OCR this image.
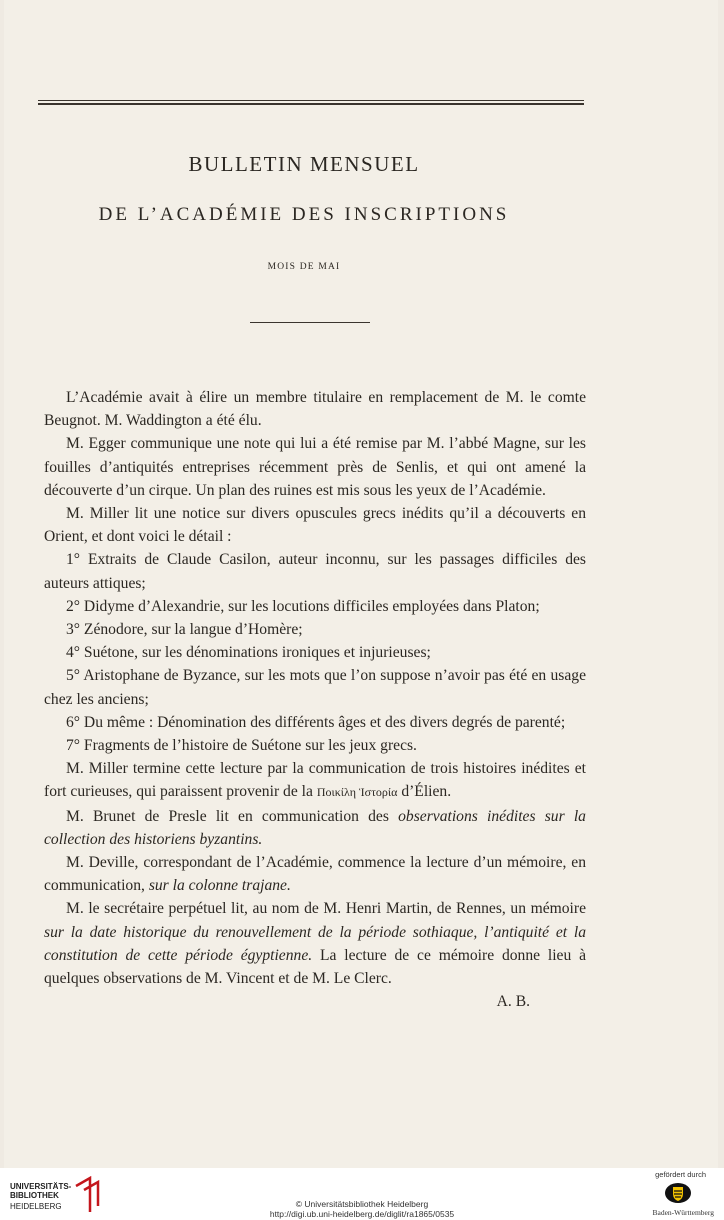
BULLETIN MENSUEL
DE L’ACADÉMIE DES INSCRIPTIONS
MOIS DE MAI

L’Académie avait à élire un membre titulaire en remplacement de M. le comte Beugnot. M. Waddington a été élu.

M. Egger communique une note qui lui a été remise par M. l’abbé Magne, sur les fouilles d’antiquités entreprises récemment près de Senlis, et qui ont amené la découverte d’un cirque. Un plan des ruines est mis sous les yeux de l’Académie.

M. Miller lit une notice sur divers opuscules grecs inédits qu’il a découverts en Orient, et dont voici le détail :

1° Extraits de Claude Casilon, auteur inconnu, sur les passages difficiles des auteurs attiques;

2° Didyme d’Alexandrie, sur les locutions difficiles employées dans Platon;

3° Zénodore, sur la langue d’Homère;

4° Suétone, sur les dénominations ironiques et injurieuses;

5° Aristophane de Byzance, sur les mots que l’on suppose n’avoir pas été en usage chez les anciens;

6° Du même : Dénomination des différents âges et des divers degrés de parenté;

7° Fragments de l’histoire de Suétone sur les jeux grecs.

M. Miller termine cette lecture par la communication de trois histoires inédites et fort curieuses, qui paraissent provenir de la Ποικίλη Ἱστορία d’Élien.

M. Brunet de Presle lit en communication des observations inédites sur la collection des historiens byzantins.

M. Deville, correspondant de l’Académie, commence la lecture d’un mémoire, en communication, sur la colonne trajane.

M. le secrétaire perpétuel lit, au nom de M. Henri Martin, de Rennes, un mémoire sur la date historique du renouvellement de la période sothiaque, l’antiquité et la constitution de cette période égyptienne. La lecture de ce mémoire donne lieu à quelques observations de M. Vincent et de M. Le Clerc.

A. B.

UNIVERSITÄTS-
BIBLIOTHEK
HEIDELBERG	© Universitätsbibliothek Heidelberg
http://digi.ub.uni-heidelberg.de/diglit/ra1865/0535
gefördert durch
Baden-Württemberg
